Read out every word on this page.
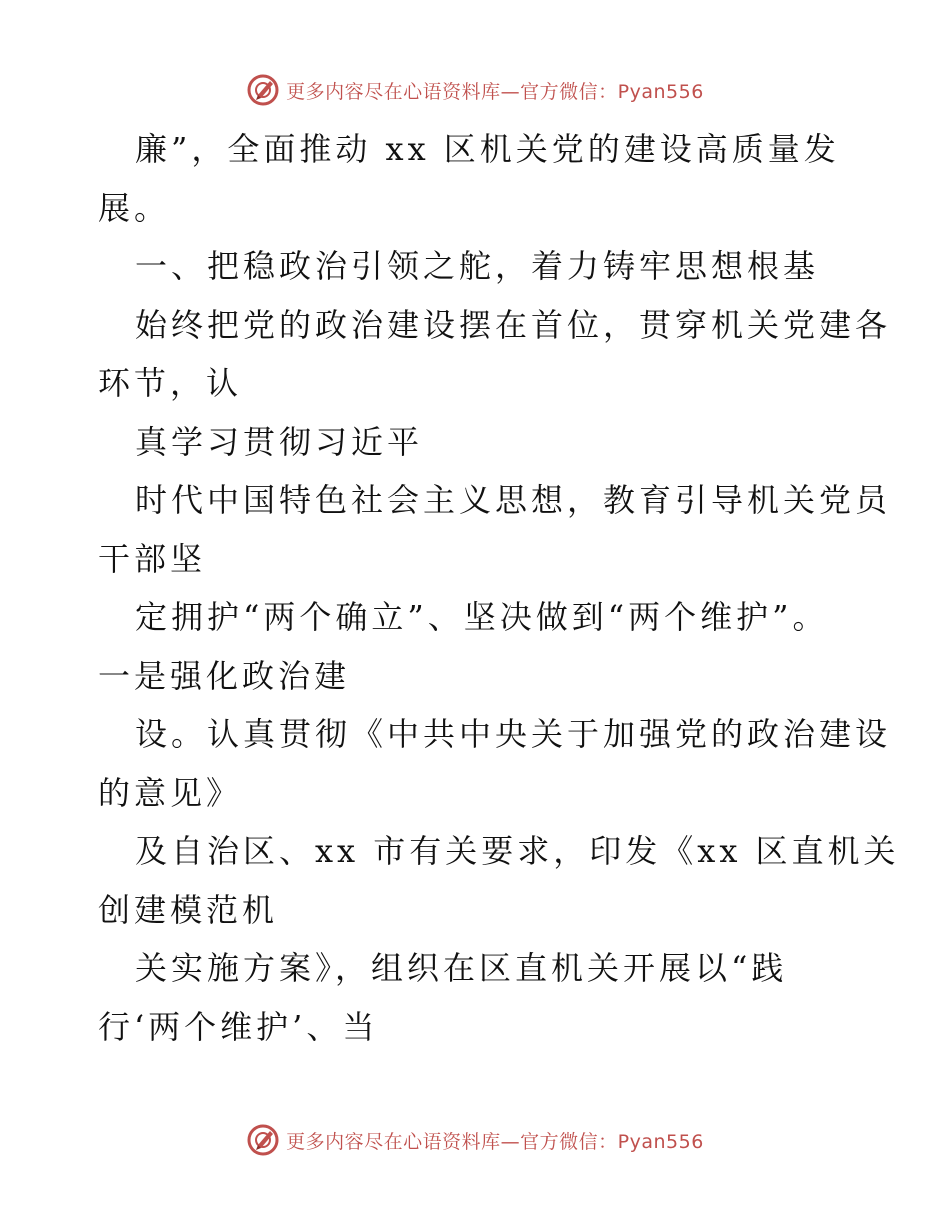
更多内容尽在心语资料库—官方微信：Pyan556
廉”，全面推动 xx 区机关党的建设高质量发
展。
一、把稳政治引领之舵，着力铸牢思想根基
始终把党的政治建设摆在首位，贯穿机关党建各
环节，认
真学习贯彻习近平
时代中国特色社会主义思想，教育引导机关党员
干部坚
定拥护“两个确立”、坚决做到“两个维护”。
一是强化政治建
设。认真贯彻《中共中央关于加强党的政治建设
的意见》
及自治区、xx 市有关要求，印发《xx 区直机关
创建模范机
关实施方案》，组织在区直机关开展以“践
行‘两个维护’、当
更多内容尽在心语资料库—官方微信：Pyan556
